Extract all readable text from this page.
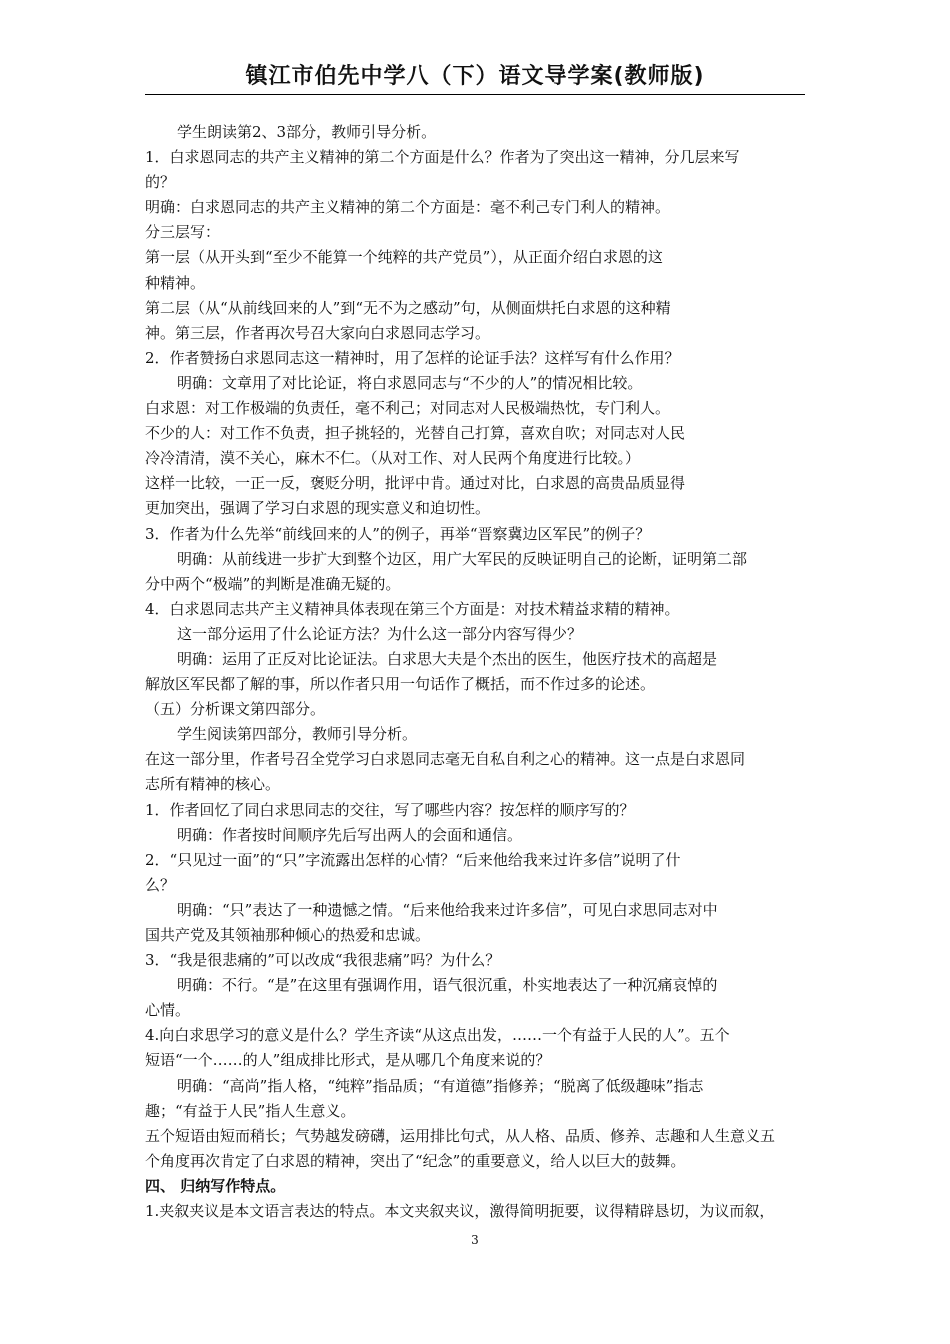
镇江市伯先中学八（下）语文导学案(教师版)
学生朗读第2、3部分，教师引导分析。
1．白求恩同志的共产主义精神的第二个方面是什么？作者为了突出这一精神，分几层来写
的？
明确：白求恩同志的共产主义精神的第二个方面是：毫不利己专门利人的精神。
分三层写：
第一层（从开头到“至少不能算一个纯粹的共产党员”），从正面介绍白求恩的这
种精神。
第二层（从“从前线回来的人”到“无不为之感动”句，从侧面烘托白求恩的这种精
神。第三层，作者再次号召大家向白求恩同志学习。
2．作者赞扬白求恩同志这一精神时，用了怎样的论证手法？这样写有什么作用？
明确：文章用了对比论证，将白求恩同志与“不少的人”的情况相比较。
白求恩：对工作极端的负责任，毫不利己；对同志对人民极端热忱，专门利人。
不少的人：对工作不负责，担子挑轻的，光替自己打算，喜欢自吹；对同志对人民
冷冷清清，漠不关心，麻木不仁。（从对工作、对人民两个角度进行比较。）
这样一比较，一正一反，褒贬分明，批评中肯。通过对比，白求恩的高贵品质显得
更加突出，强调了学习白求恩的现实意义和迫切性。
3．作者为什么先举“前线回来的人”的例子，再举“晋察冀边区军民”的例子？
明确：从前线进一步扩大到整个边区，用广大军民的反映证明自己的论断，证明第二部
分中两个“极端”的判断是准确无疑的。
4．白求恩同志共产主义精神具体表现在第三个方面是：对技术精益求精的精神。
这一部分运用了什么论证方法？为什么这一部分内容写得少？
明确：运用了正反对比论证法。白求思大夫是个杰出的医生，他医疗技术的高超是
解放区军民都了解的事，所以作者只用一句话作了概括，而不作过多的论述。
（五）分析课文第四部分。
学生阅读第四部分，教师引导分析。
在这一部分里，作者号召全党学习白求恩同志毫无自私自利之心的精神。这一点是白求恩同
志所有精神的核心。
1．作者回忆了同白求思同志的交往，写了哪些内容？按怎样的顺序写的？
明确：作者按时间顺序先后写出两人的会面和通信。
2．“只见过一面”的“只”字流露出怎样的心情？“后来他给我来过许多信”说明了什
么？
明确：“只”表达了一种遗憾之情。“后来他给我来过许多信”，可见白求思同志对中
国共产党及其领袖那种倾心的热爱和忠诚。
3．“我是很悲痛的”可以改成“我很悲痛”吗？为什么？
明确：不行。“是”在这里有强调作用，语气很沉重，朴实地表达了一种沉痛哀悼的
心情。
4.向白求思学习的意义是什么？学生齐读“从这点出发，……一个有益于人民的人”。五个
短语“一个……的人”组成排比形式，是从哪几个角度来说的？
明确：“高尚”指人格，“纯粹”指品质；“有道德”指修养；“脱离了低级趣味”指志
趣；“有益于人民”指人生意义。
五个短语由短而稍长；气势越发磅礴，运用排比句式，从人格、品质、修养、志趣和人生意义五
个角度再次肯定了白求恩的精神，突出了“纪念”的重要意义，给人以巨大的鼓舞。
四、 归纳写作特点。
1.夹叙夹议是本文语言表达的特点。本文夹叙夹议，激得简明扼要，议得精辟恳切，为议而叙，
3
